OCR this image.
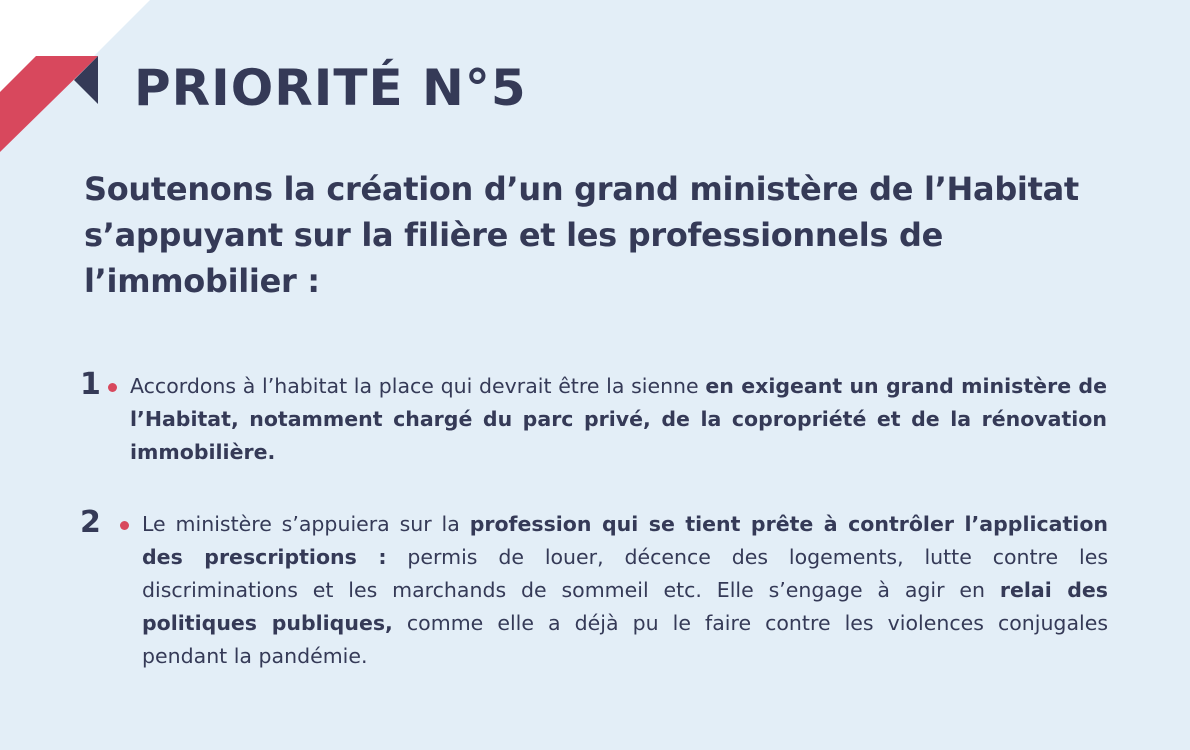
PRIORITÉ N°5
Soutenons la création d’un grand ministère de l’Habitat s’appuyant sur la filière et les professionnels de l’immobilier :
1 Accordons à l’habitat la place qui devrait être la sienne en exigeant un grand ministère de l’Habitat, notamment chargé du parc privé, de la copropriété et de la rénovation immobilière.

2 Le ministère s’appuiera sur la profession qui se tient prête à contrôler l’application des prescriptions : permis de louer, décence des logements, lutte contre les discriminations et les marchands de sommeil etc. Elle s’engage à agir en relai des politiques publiques, comme elle a déjà pu le faire contre les violences conjugales pendant la pandémie.
